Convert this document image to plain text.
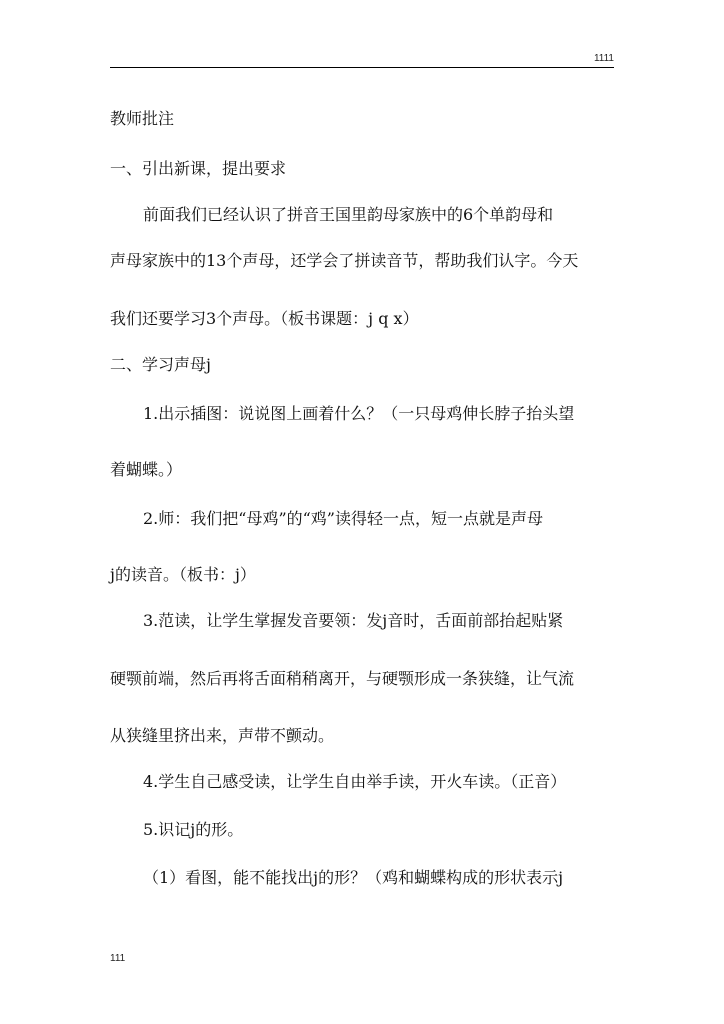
1111
教师批注
一、引出新课，提出要求
前面我们已经认识了拼音王国里韵母家族中的6个单韵母和
声母家族中的13个声母，还学会了拼读音节，帮助我们认字。今天
我们还要学习3个声母。（板书课题：j q x）
二、学习声母j
1.出示插图：说说图上画着什么？（一只母鸡伸长脖子抬头望
着蝴蝶。）
2.师：我们把“母鸡”的“鸡”读得轻一点，短一点就是声母
j的读音。（板书：j）
3.范读，让学生掌握发音要领：发j音时，舌面前部抬起贴紧
硬颚前端，然后再将舌面稍稍离开，与硬颚形成一条狭缝，让气流
从狭缝里挤出来，声带不颤动。
4.学生自己感受读，让学生自由举手读，开火车读。（正音）
5.识记j的形。
（1）看图，能不能找出j的形？（鸡和蝴蝶构成的形状表示j
111
